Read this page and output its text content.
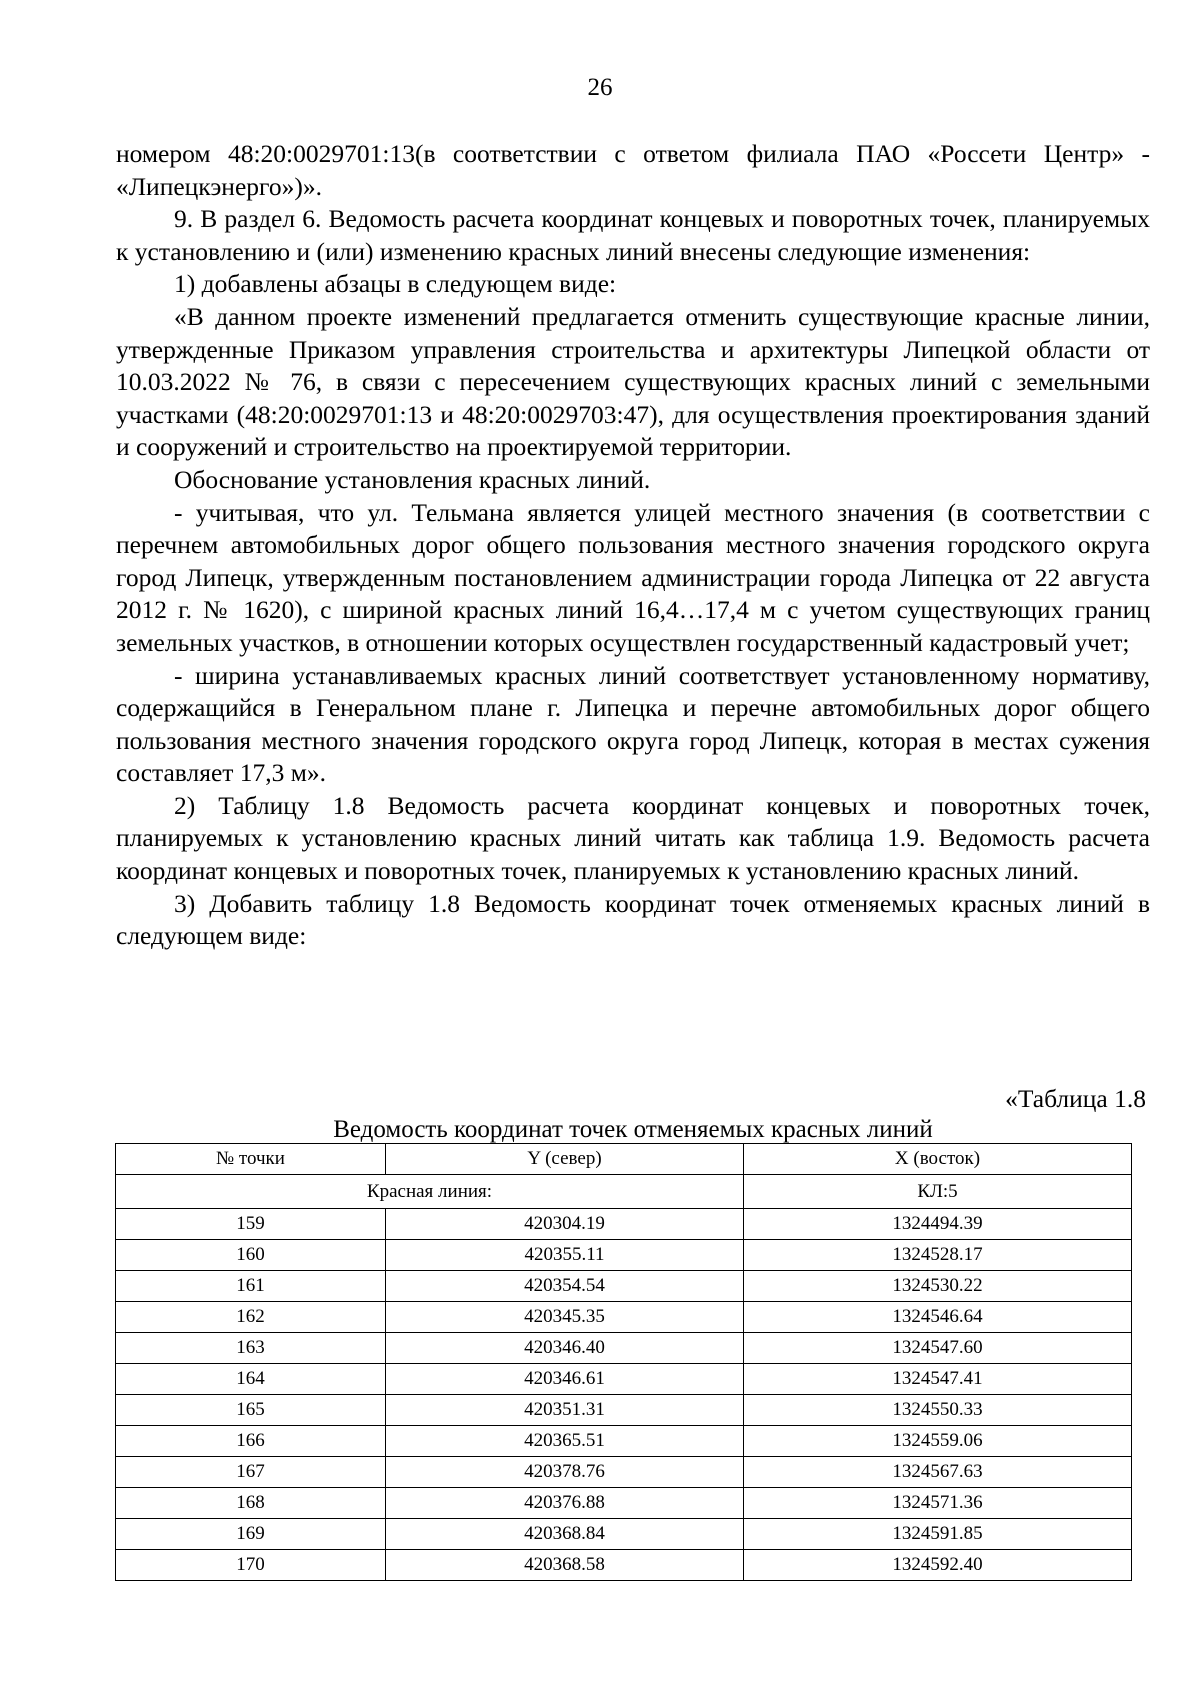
26

номером 48:20:0029701:13(в соответствии с ответом филиала ПАО «Россети Центр» - «Липецкэнерго»)».

9. В раздел 6. Ведомость расчета координат концевых и поворотных точек, планируемых к установлению и (или) изменению красных линий внесены следующие изменения:

1) добавлены абзацы в следующем виде:

«В данном проекте изменений предлагается отменить существующие красные линии, утвержденные Приказом управления строительства и архитектуры Липецкой области от 10.03.2022 № 76, в связи с пересечением существующих красных линий с земельными участками (48:20:0029701:13 и 48:20:0029703:47), для осуществления проектирования зданий и сооружений и строительство на проектируемой территории.

Обоснование установления красных линий.

- учитывая, что ул. Тельмана является улицей местного значения (в соответствии с перечнем автомобильных дорог общего пользования местного значения городского округа город Липецк, утвержденным постановлением администрации города Липецка от 22 августа 2012 г. № 1620), с шириной красных линий 16,4…17,4 м с учетом существующих границ земельных участков, в отношении которых осуществлен государственный кадастровый учет;

- ширина устанавливаемых красных линий соответствует установленному нормативу, содержащийся в Генеральном плане г. Липецка и перечне автомобильных дорог общего пользования местного значения городского округа город Липецк, которая в местах сужения составляет 17,3 м».

2) Таблицу 1.8 Ведомость расчета координат концевых и поворотных точек, планируемых к установлению красных линий читать как таблица 1.9. Ведомость расчета координат концевых и поворотных точек, планируемых к установлению красных линий.

3) Добавить таблицу 1.8 Ведомость координат точек отменяемых красных линий в следующем виде:

«Таблица 1.8
Ведомость координат точек отменяемых красных линий
№ точки	Y (север)	X (восток)
Красная линия:		КЛ:5
159	420304.19	1324494.39
160	420355.11	1324528.17
161	420354.54	1324530.22
162	420345.35	1324546.64
163	420346.40	1324547.60
164	420346.61	1324547.41
165	420351.31	1324550.33
166	420365.51	1324559.06
167	420378.76	1324567.63
168	420376.88	1324571.36
169	420368.84	1324591.85
170	420368.58	1324592.40
